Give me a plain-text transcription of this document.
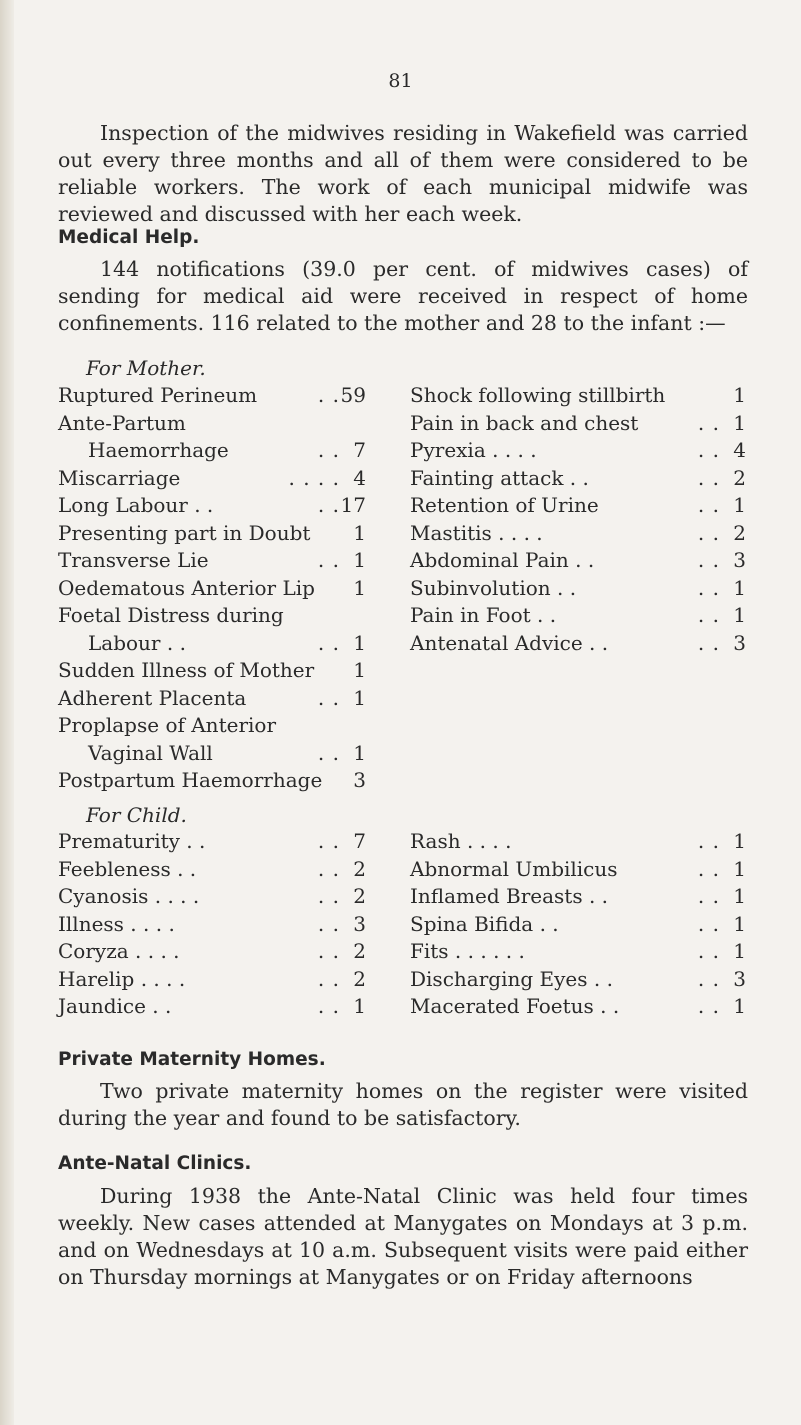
81

Inspection of the midwives residing in Wakefield was carried out every three months and all of them were considered to be reliable workers. The work of each municipal midwife was reviewed and discussed with her each week.

Medical Help.

144 notifications (39.0 per cent. of midwives cases) of sending for medical aid were received in respect of home confinements. 116 related to the mother and 28 to the infant :—

For Mother.
Ruptured Perineum	. . 59
Ante-Partum
Haemorrhage	. . 7
Miscarriage	. . . . 4
Long Labour . .	. . 17
Presenting part in Doubt 1
Transverse Lie	. . 1
Oedematous Anterior Lip 1
Foetal Distress during
Labour . .	. . 1
Sudden Illness of Mother 1
Adherent Placenta	. . 1
Proplapse of Anterior
Vaginal Wall	. . 1
Postpartum Haemorrhage 3
Shock following stillbirth	1
Pain in back and chest	. . 1
Pyrexia . . . .	. . 4
Fainting attack . .	. . 2
Retention of Urine	. . 1
Mastitis . . . .	. . 2
Abdominal Pain . .	. . 3
Subinvolution . .	. . 1
Pain in Foot . .	. . 1
Antenatal Advice . .	. . 3
For Child.
Prematurity . .	. . 7
Feebleness . .	. . 2
Cyanosis . . . .	. . 2
Illness . . . .	. . 3
Coryza . . . .	. . 2
Harelip . . . .	. . 2
Jaundice . .	. . 1
Rash . . . .	. . 1
Abnormal Umbilicus	. . 1
Inflamed Breasts . .	. . 1
Spina Bifida . .	. . 1
Fits . . . . . .	. . 1
Discharging Eyes . .	. . 3
Macerated Foetus . .	. . 1
Private Maternity Homes.

Two private maternity homes on the register were visited during the year and found to be satisfactory.

Ante-Natal Clinics.

During 1938 the Ante-Natal Clinic was held four times weekly. New cases attended at Manygates on Mondays at 3 p.m. and on Wednesdays at 10 a.m. Subsequent visits were paid either on Thursday mornings at Manygates or on Friday afternoons
